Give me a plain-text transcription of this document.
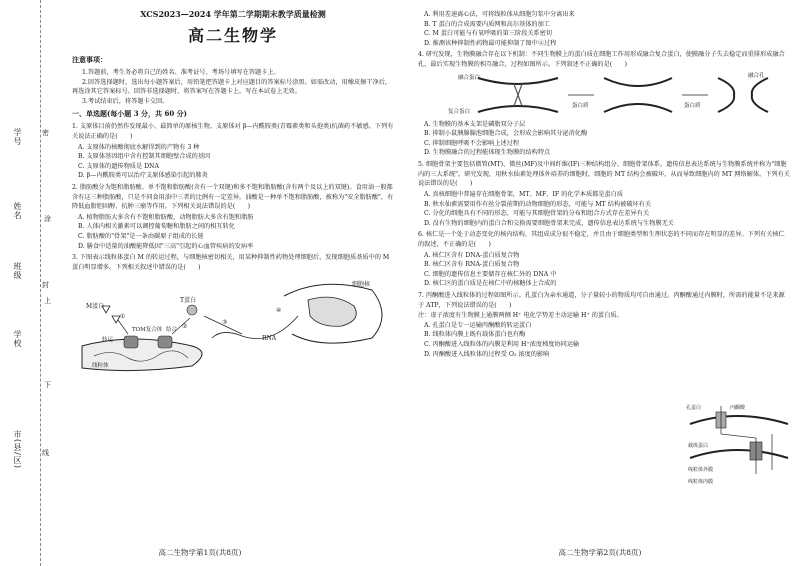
市(县/区)
学校
班级
姓名
学号	密
封
线
涂
上
下
XCS2023—2024 学年第二学期期末教学质量检测
高二生物学
注意事项：

1.答题前，考生务必将自己的姓名、准考证号、考场号填写在答题卡上。

2.回答选择题时，选出每小题答案后，用铅笔把答题卡上对应题目的答案标号涂黑。如需改动，用橡皮擦干净后，再选涂其它答案标号。回答非选择题时，将答案写在答题卡上，写在本试卷上无效。

3.考试结束后，将答题卡交回。

一、单选题(每小题 3 分，共 60 分)

1. 支原体目前仍然作发现最小、最简单的原核生物。支原体对 β—内酰胺类(青霉素类和头孢类)抗菌药不敏感。下列有关说法正确的是(　　)

A. 支原体的核酸彻底水解得到的产物有 3 种

B. 支原体基因组中含有控制其细胞壁合成的基因

C. 支原体的遗传物质是 DNA

D. β—内酰胺类可以治疗支原体感染引起的肺炎

2. 脂肪酸分为饱和脂肪酸、单不饱和脂肪酸(含有一个双键)和多不饱和脂肪酸(含有两个及以上的双键)。食用油一般都含有这三种脂肪酸，只是不同食用油中三者的比例有一定差异。油酸是一种单不饱和脂肪酸，被称为"安全脂肪酸"，有降低血脂胆固醇、抗肿三瘤等作用。下列相关说法错误的是(　　)

A. 植物脂肪大多含有不饱和脂肪酸，动物脂肪大多含有饱和脂肪

B. 人体内相关激素可以调控葡萄糖和脂肪之间的相互转化

C. 脂肪酸的"骨架"是一条由碳原子组成的长链

D. 膳食中适量的油酸能降低因"三高"引起的心血管疾病的发病率

3. 下图表示线粒体蛋白 M 的转运过程，与细胞核密切相关，用某种抑制性药物处理细胞后，发现细胞质基质中的 M 蛋白明显增多。下列相关叙述中错误的是(　　)

M蛋白
T蛋白
TOM复合体 结合
转运	RNA
细胞核
线粒体
①
②
③
④
高二生物学第1页(共8页)

A. 利用差速离心法，可将线粒体从细胞匀浆中分离出来

B. T 蛋白的合成需要内质网和高尔基体的加工

C. M 蛋白可能与有氧呼吸的第三阶段关系密切

D. 推测该种抑制性药物最可能抑制了图中④过程

4. 研究发现，生物膜融合存在以下机制：不同生物膜上的蛋白质在细胞工作用形成融合复合蛋白，使膜融分子失去稳定而重排形成融合孔，最后实现生物膜的相互融合，过程如图所示。下列叙述不正确的是(　　)

融合蛋白
复合蛋白
蛋白质
融合孔
蛋白质

A. 生物膜的基本支架是磷脂双分子层

B. 抑制小鼠胰腺腺泡细胞合成，会形成会影响其分泌消化酶

C. 抑制细胞呼吸不会影响上述过程

D. 生物膜融合的过程能体现生物膜的结构特点

5. 细胞骨架主要包括微管(MT)、微丝(MF)及中间纤维(IF)三种结构组分。细胞骨架体系，遗传信息表达系统与生物膜系统并称为"细胞内的三大系统"。研究发现，用秋水仙素处理体外培养的细胞时，细胞的 MT 结构会被破坏，从而导致细胞内的 MT 网络解体。下列有关说法错误的是(　　)

A. 真核细胞中普遍存在细胞骨架，MT、MF、IF 的化学本质都是蛋白质

B. 秋水仙素需要用作有丝分裂前期的动物细胞的形态，可能与 MT 结构被破坏有关

C. 分化的细胞具有不同的形态，可能与其细胞骨架的分布和组合方式存在差异有关

D. 没有生物的细胞内的蛋白合和交换需要细胞骨架来完成，遗传信息表达系统与生物膜无关

6. 核仁是一个处于动态变化的核内结构，其组成成分很不稳定，并且由于细胞类型和生理状态的不同而存在明显的差异。下列有关核仁的叙述，不正确的是(　　)

A. 核仁区含有 DNA-蛋白质复合物

B. 核仁区含有 RNA-蛋白质复合物

C. 细胞的遗传信息主要储存在核仁外的 DNA 中

D. 核仁区的蛋白质是在核仁中的核糖体上合成的

7. 丙酮酸进入线粒体的过程如图所示。孔蛋白为亲水通道，分子量较小的物质均可自由通过。丙酮酸通过内膜时，所需的能量不是来源于 ATP，下列说法错误的是(　　)

注：虚子浓度有生物膜上通膜两侧 H⁺ 电化学势差主动运输 H⁺ 的蛋白质。

A. 孔蛋白是专一运输丙酮酸的转运蛋白

B. 线粒体内膜上既有载体蛋白也有酶

C. 丙酮酸进入线粒体的内膜是利用 H⁺浓度梯度协同运输

D. 丙酮酸进入线粒体的过程受 O₂ 浓度的影响

孔蛋白	丙酮酸
载体蛋白
线粒体外膜
线粒体内膜
高二生物学第2页(共8页)
